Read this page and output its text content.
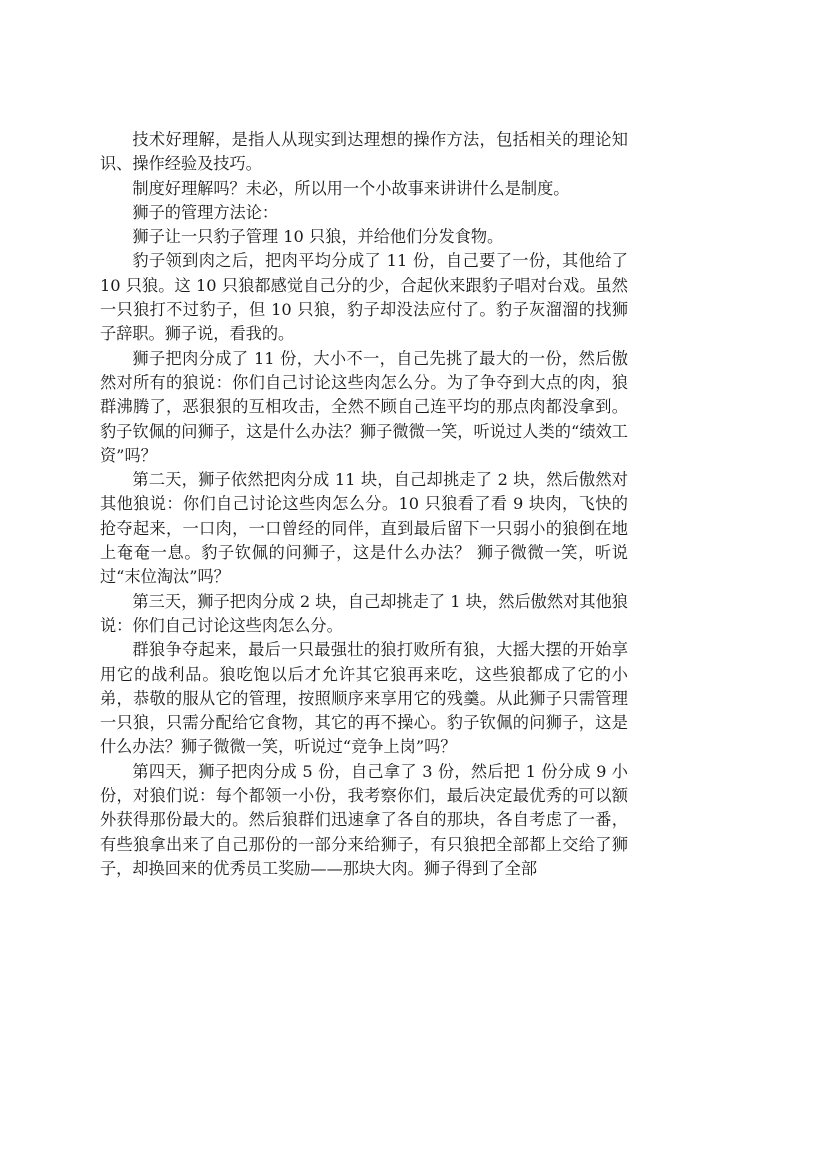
技术好理解，是指人从现实到达理想的操作方法，包括相关的理论知识、操作经验及技巧。

制度好理解吗？未必，所以用一个小故事来讲讲什么是制度。

狮子的管理方法论：

狮子让一只豹子管理 10 只狼，并给他们分发食物。

豹子领到肉之后，把肉平均分成了 11 份，自己要了一份，其他给了 10 只狼。这 10 只狼都感觉自己分的少，合起伙来跟豹子唱对台戏。虽然一只狼打不过豹子，但 10 只狼，豹子却没法应付了。豹子灰溜溜的找狮子辞职。狮子说，看我的。

狮子把肉分成了 11 份，大小不一，自己先挑了最大的一份，然后傲然对所有的狼说：你们自己讨论这些肉怎么分。为了争夺到大点的肉，狼群沸腾了，恶狠狠的互相攻击，全然不顾自己连平均的那点肉都没拿到。豹子钦佩的问狮子，这是什么办法？狮子微微一笑，听说过人类的“绩效工资”吗？

第二天，狮子依然把肉分成 11 块，自己却挑走了 2 块，然后傲然对其他狼说：你们自己讨论这些肉怎么分。10 只狼看了看 9 块肉，飞快的抢夺起来，一口肉，一口曾经的同伴，直到最后留下一只弱小的狼倒在地上奄奄一息。豹子钦佩的问狮子，这是什么办法？ 狮子微微一笑，听说过“末位淘汰”吗？

第三天，狮子把肉分成 2 块，自己却挑走了 1 块，然后傲然对其他狼说：你们自己讨论这些肉怎么分。

群狼争夺起来，最后一只最强壮的狼打败所有狼，大摇大摆的开始享用它的战利品。狼吃饱以后才允许其它狼再来吃，这些狼都成了它的小弟，恭敬的服从它的管理，按照顺序来享用它的残羹。从此狮子只需管理一只狼，只需分配给它食物，其它的再不操心。豹子钦佩的问狮子，这是什么办法？狮子微微一笑，听说过“竞争上岗”吗？

第四天，狮子把肉分成 5 份，自己拿了 3 份，然后把 1 份分成 9 小份，对狼们说：每个都领一小份，我考察你们，最后决定最优秀的可以额外获得那份最大的。然后狼群们迅速拿了各自的那块，各自考虑了一番，有些狼拿出来了自己那份的一部分来给狮子，有只狼把全部都上交给了狮子，却换回来的优秀员工奖励——那块大肉。狮子得到了全部
